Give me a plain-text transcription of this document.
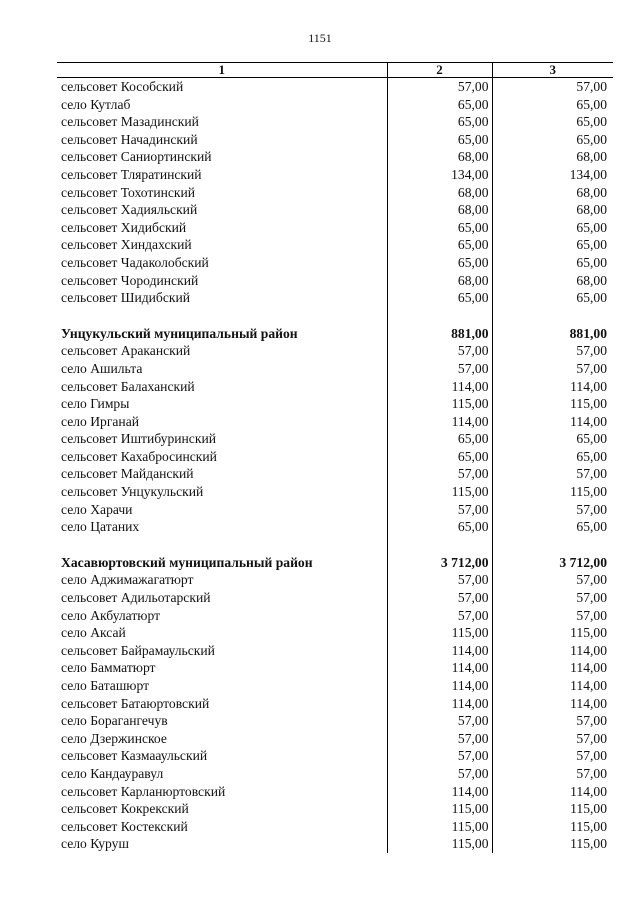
1151
1	2	3
сельсовет Кособский	57,00	57,00
село Кутлаб	65,00	65,00
сельсовет Мазадинский	65,00	65,00
сельсовет Начадинский	65,00	65,00
сельсовет Саниортинский	68,00	68,00
сельсовет Тляратинский	134,00	134,00
сельсовет Тохотинский	68,00	68,00
сельсовет Хадияльский	68,00	68,00
сельсовет Хидибский	65,00	65,00
сельсовет Хиндахский	65,00	65,00
сельсовет Чадаколобский	65,00	65,00
сельсовет Чородинский	68,00	68,00
сельсовет Шидибский	65,00	65,00

Унцукульский муниципальный район	881,00	881,00
сельсовет Араканский	57,00	57,00
село Ашильта	57,00	57,00
сельсовет Балаханский	114,00	114,00
село Гимры	115,00	115,00
село Ирганай	114,00	114,00
сельсовет Иштибуринский	65,00	65,00
сельсовет Кахабросинский	65,00	65,00
сельсовет Майданский	57,00	57,00
сельсовет Унцукульский	115,00	115,00
село Харачи	57,00	57,00
село Цатаних	65,00	65,00

Хасавюртовский муниципальный район	3 712,00	3 712,00
село Аджимажагатюрт	57,00	57,00
сельсовет Адильотарский	57,00	57,00
село Акбулатюрт	57,00	57,00
село Аксай	115,00	115,00
сельсовет Байрамаульский	114,00	114,00
село Бамматюрт	114,00	114,00
село Баташюрт	114,00	114,00
сельсовет Батаюртовский	114,00	114,00
село Борагангечув	57,00	57,00
село Дзержинское	57,00	57,00
сельсовет Казмааульский	57,00	57,00
село Кандауравул	57,00	57,00
сельсовет Карланюртовский	114,00	114,00
сельсовет Кокрекский	115,00	115,00
сельсовет Костекский	115,00	115,00
село Куруш	115,00	115,00
